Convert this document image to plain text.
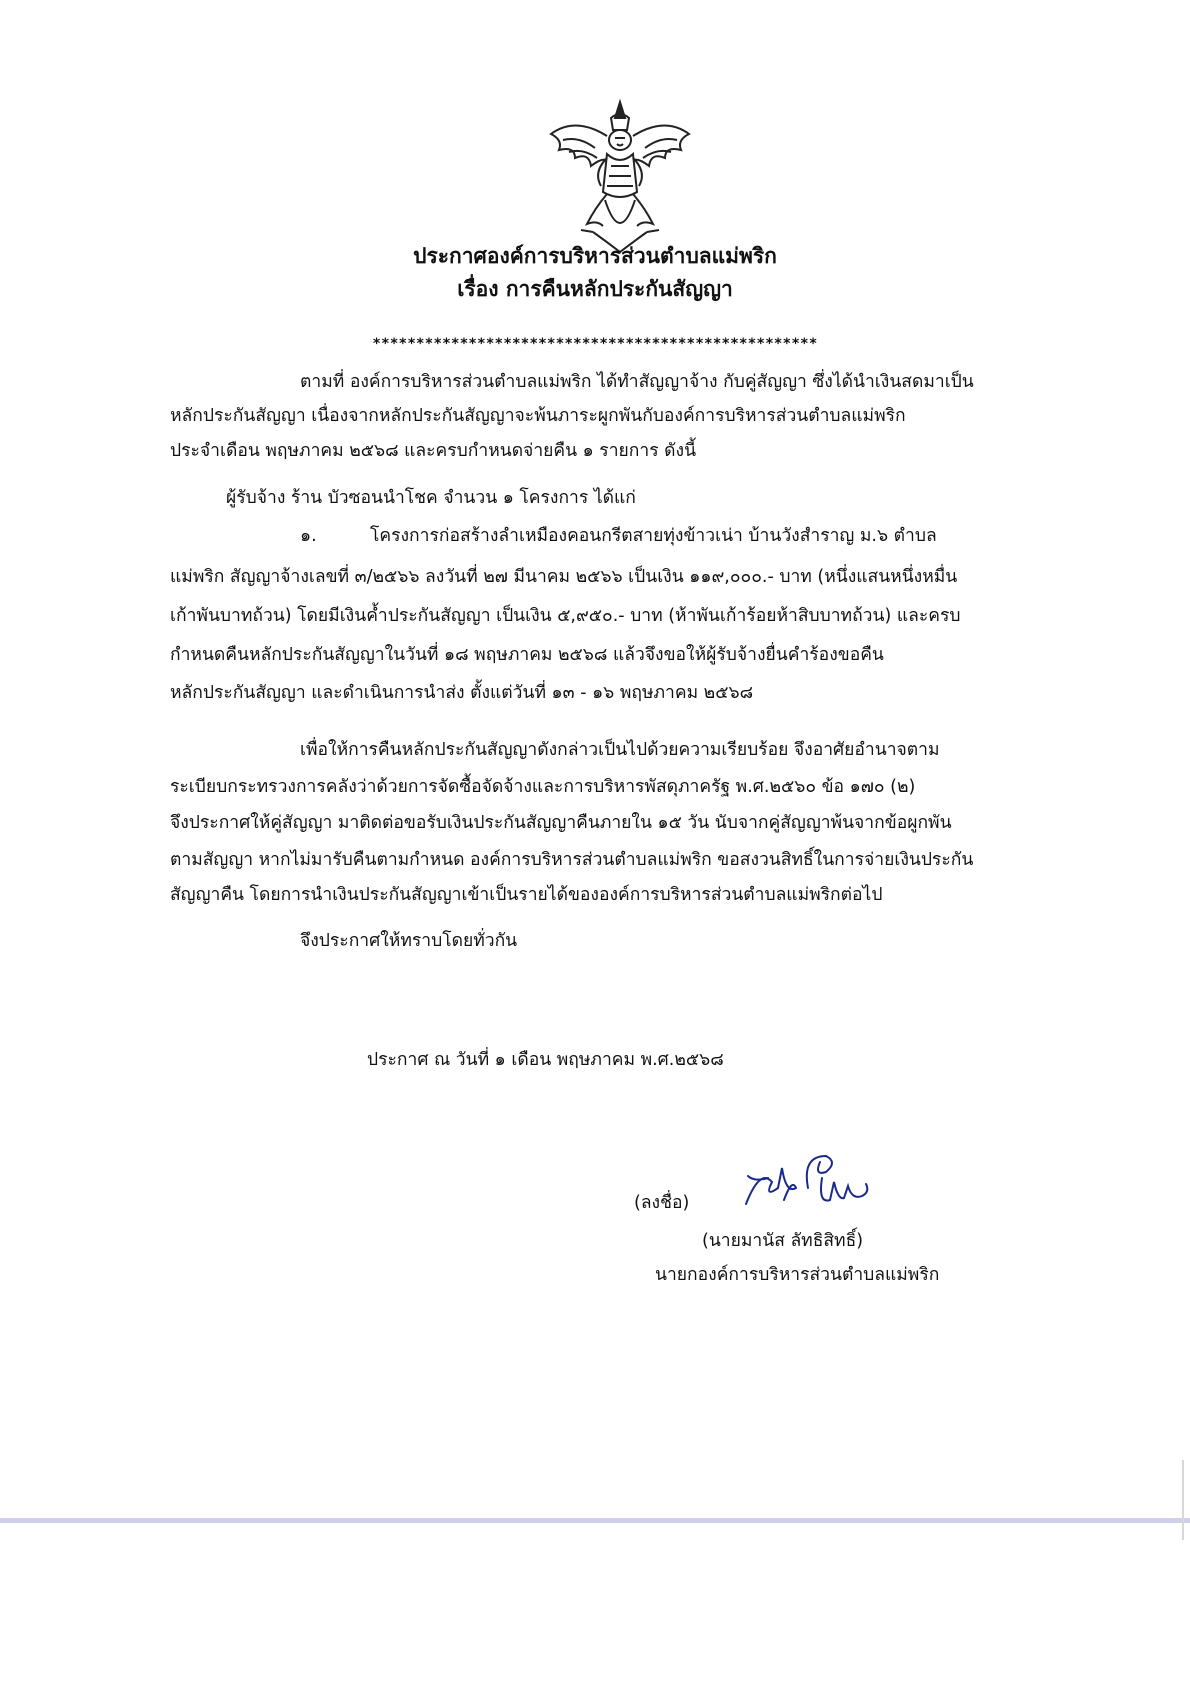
ประกาศองค์การบริหารส่วนตำบลแม่พริก
เรื่อง การคืนหลักประกันสัญญา
***************************************************
ตามที่ องค์การบริหารส่วนตำบลแม่พริก ได้ทำสัญญาจ้าง กับคู่สัญญา ซึ่งได้นำเงินสดมาเป็น
หลักประกันสัญญา เนื่องจากหลักประกันสัญญาจะพ้นภาระผูกพันกับองค์การบริหารส่วนตำบลแม่พริก
ประจำเดือน พฤษภาคม ๒๕๖๘ และครบกำหนดจ่ายคืน ๑ รายการ ดังนี้
ผู้รับจ้าง ร้าน บัวซอนนำโชค จำนวน ๑ โครงการ ได้แก่
๑.	โครงการก่อสร้างลำเหมืองคอนกรีตสายทุ่งข้าวเน่า บ้านวังสำราญ ม.๖ ตำบล
แม่พริก สัญญาจ้างเลขที่ ๓/๒๕๖๖ ลงวันที่ ๒๗ มีนาคม ๒๕๖๖ เป็นเงิน ๑๑๙,๐๐๐.- บาท (หนึ่งแสนหนึ่งหมื่น
เก้าพันบาทถ้วน) โดยมีเงินค้ำประกันสัญญา เป็นเงิน ๕,๙๕๐.- บาท (ห้าพันเก้าร้อยห้าสิบบาทถ้วน) และครบ
กำหนดคืนหลักประกันสัญญาในวันที่ ๑๘ พฤษภาคม ๒๕๖๘ แล้วจึงขอให้ผู้รับจ้างยื่นคำร้องขอคืน
หลักประกันสัญญา และดำเนินการนำส่ง ตั้งแต่วันที่ ๑๓ - ๑๖ พฤษภาคม ๒๕๖๘
เพื่อให้การคืนหลักประกันสัญญาดังกล่าวเป็นไปด้วยความเรียบร้อย จึงอาศัยอำนาจตาม
ระเบียบกระทรวงการคลังว่าด้วยการจัดซื้อจัดจ้างและการบริหารพัสดุภาครัฐ พ.ศ.๒๕๖๐ ข้อ ๑๗๐ (๒)
จึงประกาศให้คู่สัญญา มาติดต่อขอรับเงินประกันสัญญาคืนภายใน ๑๕ วัน นับจากคู่สัญญาพ้นจากข้อผูกพัน
ตามสัญญา หากไม่มารับคืนตามกำหนด องค์การบริหารส่วนตำบลแม่พริก ขอสงวนสิทธิ์ในการจ่ายเงินประกัน
สัญญาคืน โดยการนำเงินประกันสัญญาเข้าเป็นรายได้ขององค์การบริหารส่วนตำบลแม่พริกต่อไป
จึงประกาศให้ทราบโดยทั่วกัน
ประกาศ ณ วันที่ ๑ เดือน พฤษภาคม พ.ศ.๒๕๖๘
(ลงชื่อ)
(นายมานัส ลัทธิสิทธิ์)
นายกองค์การบริหารส่วนตำบลแม่พริก
